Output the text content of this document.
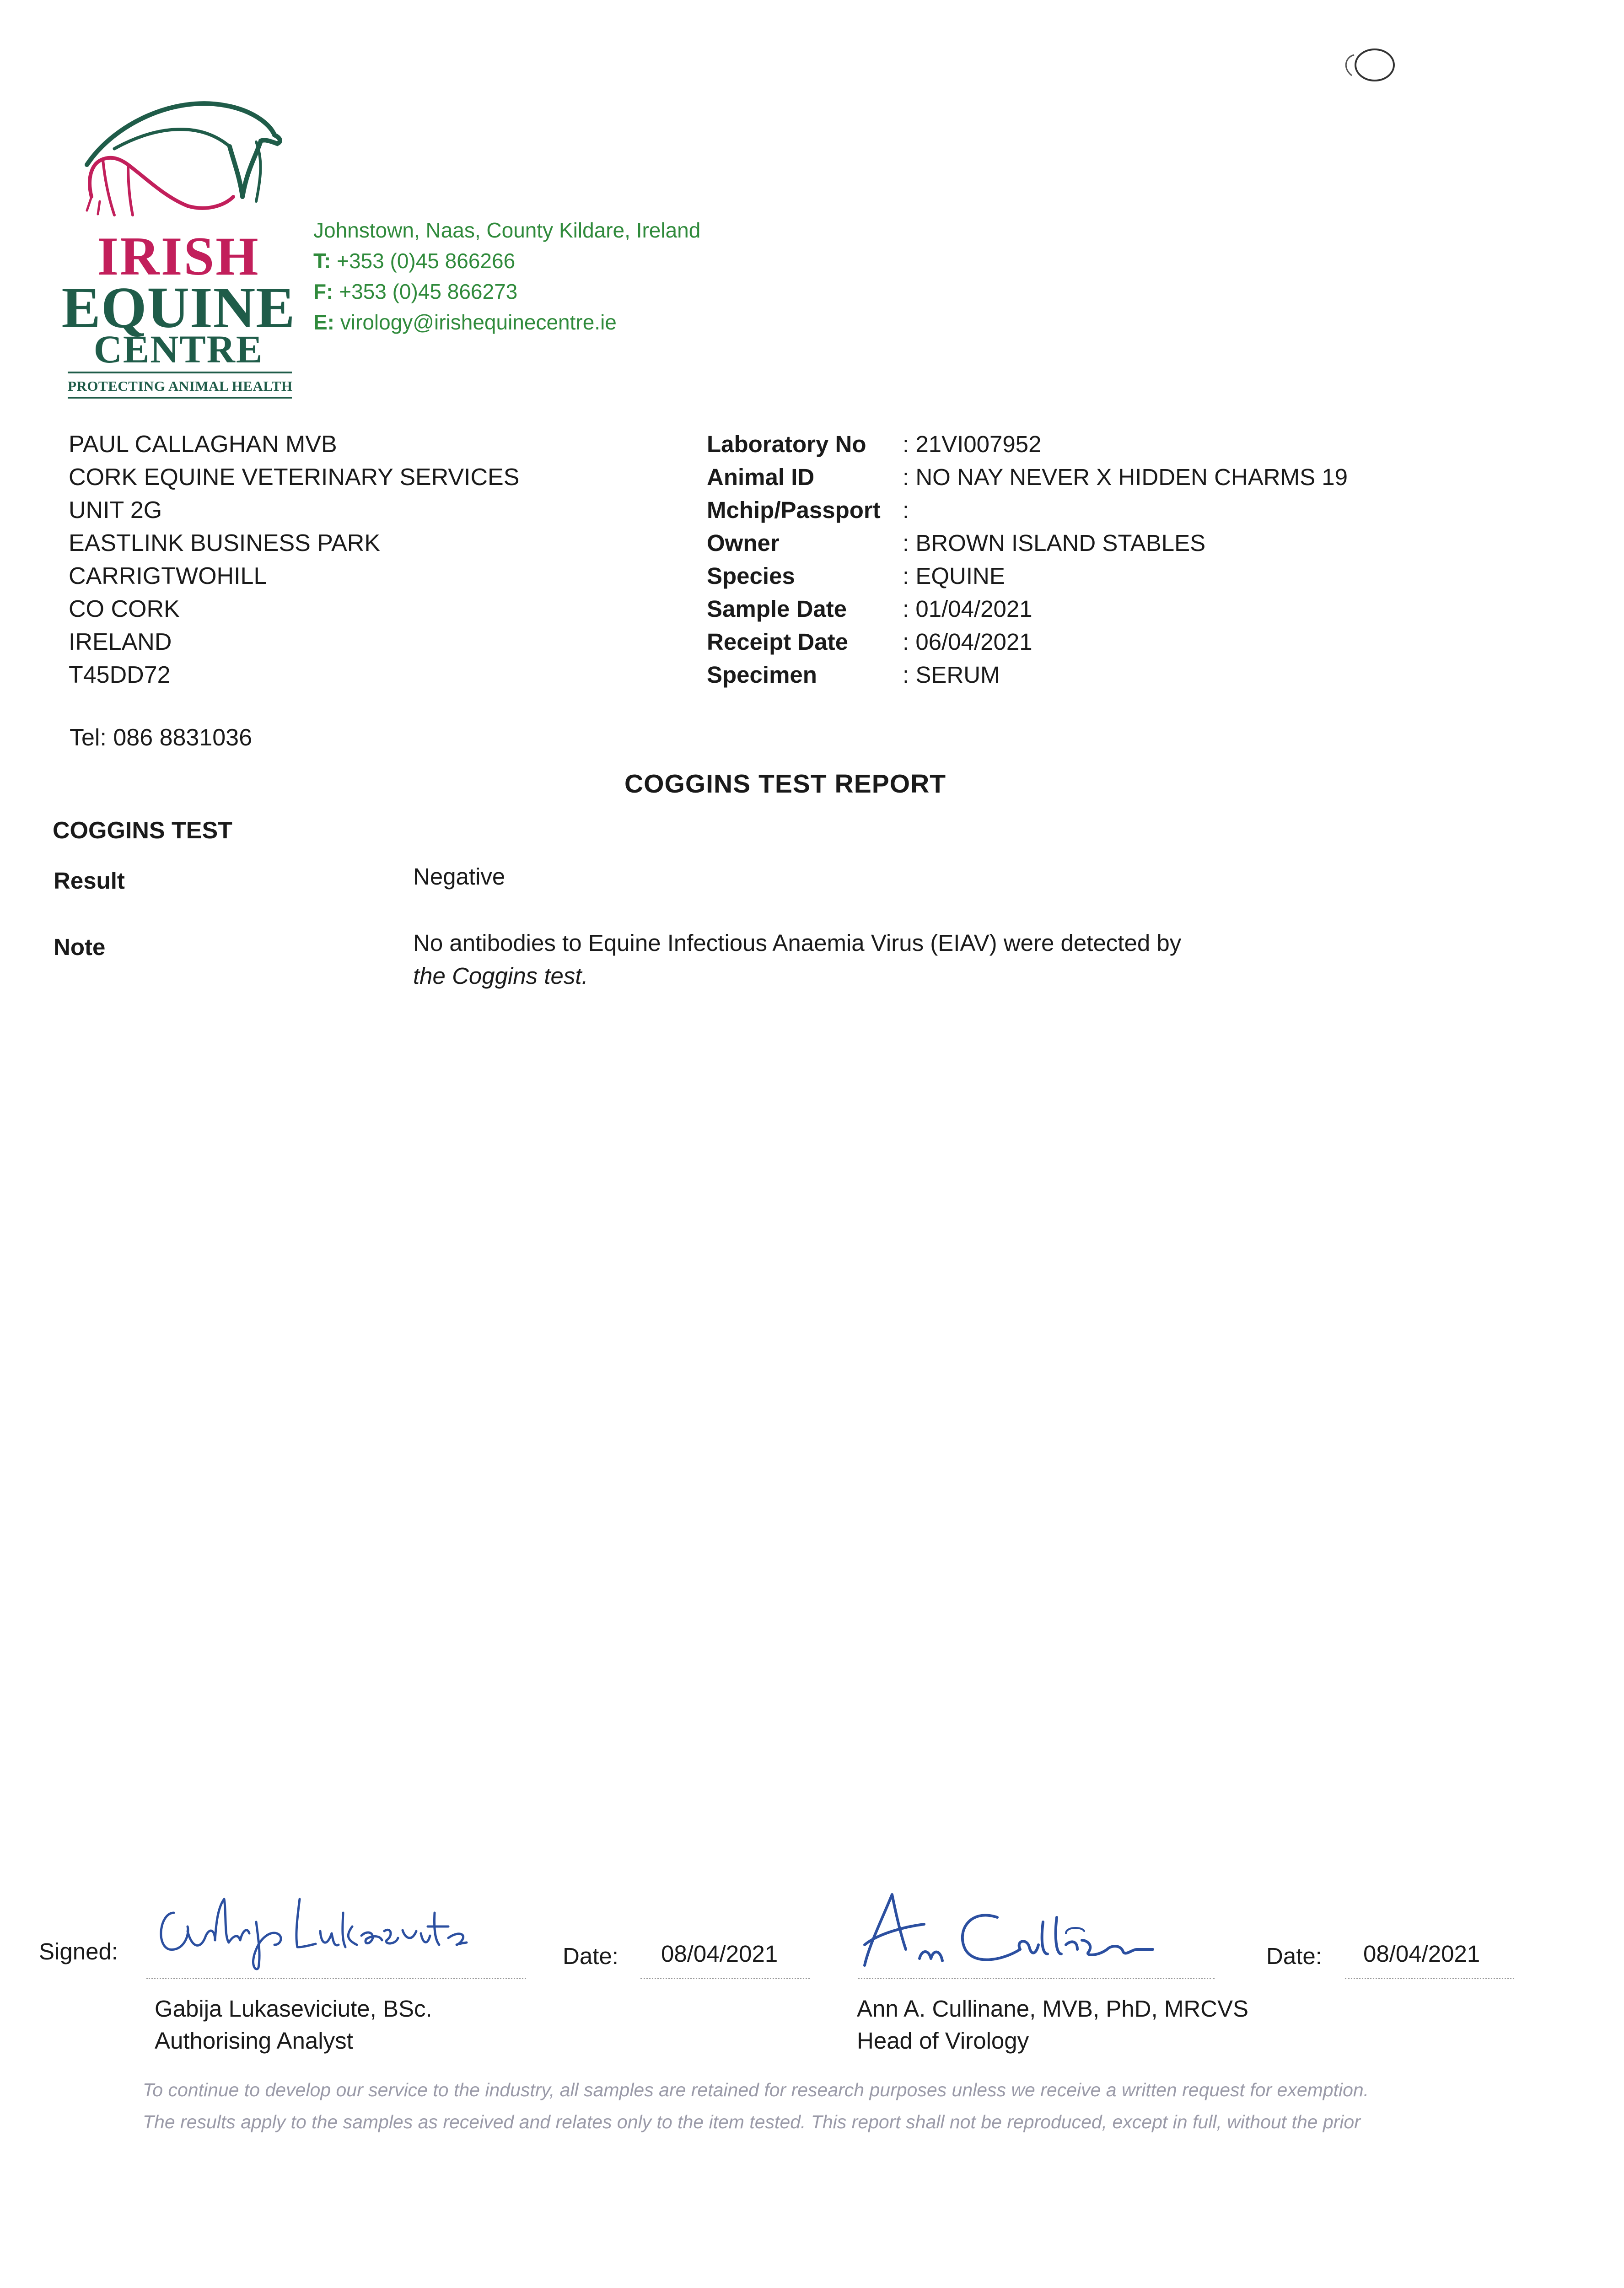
IRISH
EQUINE
CENTRE
PROTECTING ANIMAL HEALTH
Johnstown, Naas, County Kildare, Ireland
T: +353 (0)45 866266
F: +353 (0)45 866273
E: virology@irishequinecentre.ie
PAUL CALLAGHAN MVB
CORK EQUINE VETERINARY SERVICES
UNIT 2G
EASTLINK BUSINESS PARK
CARRIGTWOHILL
CO CORK
IRELAND
T45DD72
Tel: 086 8831036
Laboratory No : 21VI007952
Animal ID	: NO NAY NEVER X HIDDEN CHARMS 19
Mchip/Passport :
Owner	: BROWN ISLAND STABLES
Species	: EQUINE
Sample Date : 01/04/2021
Receipt Date : 06/04/2021
Specimen	: SERUM
COGGINS TEST REPORT
COGGINS TEST
Result	Negative
Note	No antibodies to Equine Infectious Anaemia Virus (EIAV) were detected by
the Coggins test.
Signed:	Date: 08/04/2021
Gabija Lukaseviciute, BSc.
Authorising Analyst
Date: 08/04/2021
Ann A. Cullinane, MVB, PhD, MRCVS
Head of Virology
To continue to develop our service to the industry, all samples are retained for research purposes unless we receive a written request for exemption.
The results apply to the samples as received and relates only to the item tested. This report shall not be reproduced, except in full, without the prior
